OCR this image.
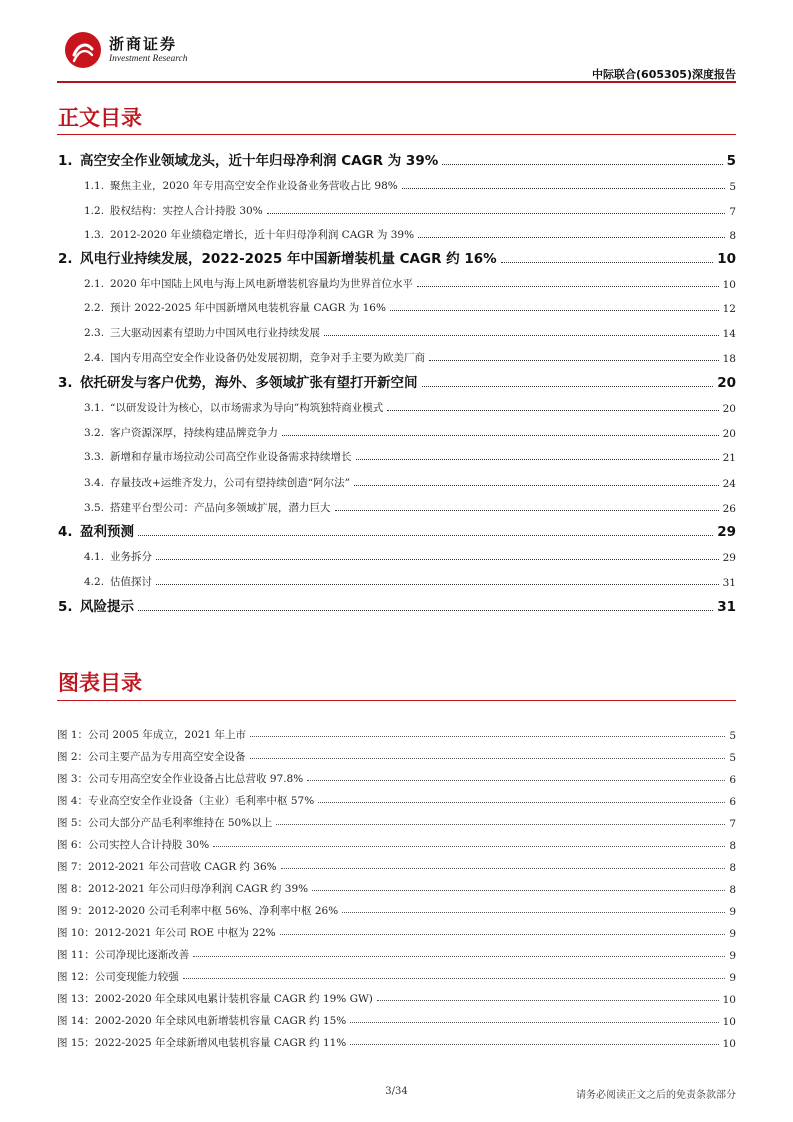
浙商证券
Investment Research
中际联合(605305)深度报告
正文目录
1. 高空安全作业领域龙头，近十年归母净利润 CAGR 为 39%	5
1.1. 聚焦主业，2020 年专用高空安全作业设备业务营收占比 98%	5
1.2. 股权结构：实控人合计持股 30%	7
1.3. 2012-2020 年业绩稳定增长，近十年归母净利润 CAGR 为 39%	8
2. 风电行业持续发展，2022-2025 年中国新增装机量 CAGR 约 16%	10
2.1. 2020 年中国陆上风电与海上风电新增装机容量均为世界首位水平	10
2.2. 预计 2022-2025 年中国新增风电装机容量 CAGR 为 16%	12
2.3. 三大驱动因素有望助力中国风电行业持续发展	14
2.4. 国内专用高空安全作业设备仍处发展初期，竞争对手主要为欧美厂商	18
3. 依托研发与客户优势，海外、多领域扩张有望打开新空间	20
3.1. “以研发设计为核心，以市场需求为导向”构筑独特商业模式	20
3.2. 客户资源深厚，持续构建品牌竞争力	20
3.3. 新增和存量市场拉动公司高空作业设备需求持续增长	21
3.4. 存量技改+运维齐发力，公司有望持续创造“阿尔法”	24
3.5. 搭建平台型公司：产品向多领域扩展，潜力巨大	26
4. 盈利预测	29
4.1. 业务拆分	29
4.2. 估值探讨	31
5. 风险提示	31
图表目录
图 1：公司 2005 年成立，2021 年上市	5
图 2：公司主要产品为专用高空安全设备	5
图 3：公司专用高空安全作业设备占比总营收 97.8%	6
图 4：专业高空安全作业设备（主业）毛利率中枢 57%	6
图 5：公司大部分产品毛利率维持在 50%以上	7
图 6：公司实控人合计持股 30%	8
图 7：2012-2021 年公司营收 CAGR 约 36%	8
图 8：2012-2021 年公司归母净利润 CAGR 约 39%	8
图 9：2012-2020 公司毛利率中枢 56%、净利率中枢 26%	9
图 10：2012-2021 年公司 ROE 中枢为 22%	9
图 11：公司净现比逐渐改善	9
图 12：公司变现能力较强	9
图 13：2002-2020 年全球风电累计装机容量 CAGR 约 19% GW)	10
图 14：2002-2020 年全球风电新增装机容量 CAGR 约 15%	10
图 15：2022-2025 年全球新增风电装机容量 CAGR 约 11%	10
3/34	请务必阅读正文之后的免责条款部分
